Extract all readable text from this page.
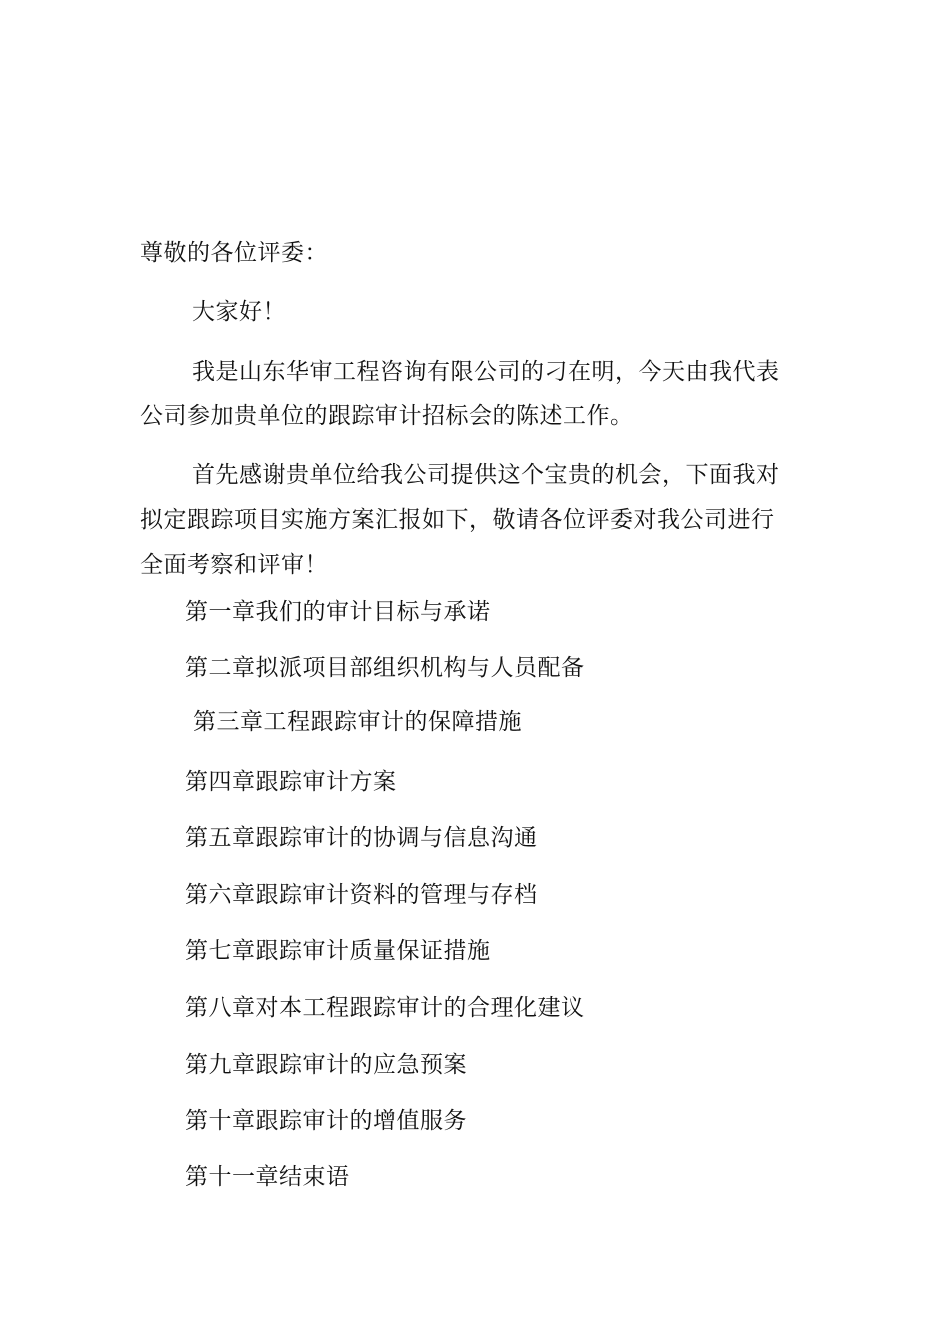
尊敬的各位评委：
大家好！
我是山东华审工程咨询有限公司的刁在明，今天由我代表
公司参加贵单位的跟踪审计招标会的陈述工作。
首先感谢贵单位给我公司提供这个宝贵的机会，下面我对
拟定跟踪项目实施方案汇报如下，敬请各位评委对我公司进行
全面考察和评审！
第一章我们的审计目标与承诺
第二章拟派项目部组织机构与人员配备
第三章工程跟踪审计的保障措施
第四章跟踪审计方案
第五章跟踪审计的协调与信息沟通
第六章跟踪审计资料的管理与存档
第七章跟踪审计质量保证措施
第八章对本工程跟踪审计的合理化建议
第九章跟踪审计的应急预案
第十章跟踪审计的增值服务
第十一章结束语
